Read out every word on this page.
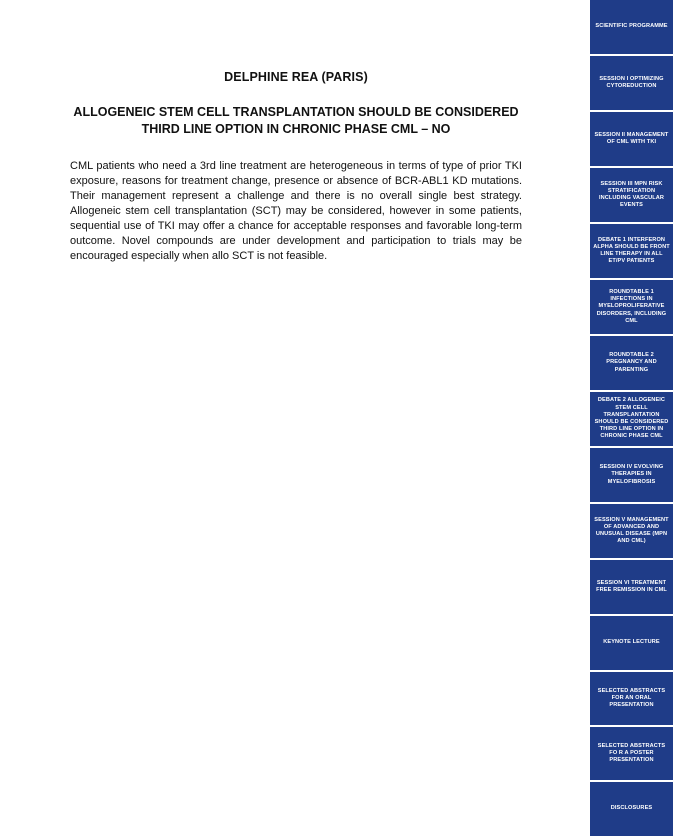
DELPHINE REA (PARIS)

ALLOGENEIC STEM CELL TRANSPLANTATION SHOULD BE CONSIDERED THIRD LINE OPTION IN CHRONIC PHASE CML – NO

CML patients who need a 3rd line treatment are heterogeneous in terms of type of prior TKI exposure, reasons for treatment change, presence or absence of BCR-ABL1 KD mutations. Their management represent a challenge and there is no overall single best strategy. Allogeneic stem cell transplantation (SCT) may be considered, however in some patients, sequential use of TKI may offer a chance for acceptable responses and favorable long-term outcome. Novel compounds are under development and participation to trials may be encouraged especially when allo SCT is not feasible.

SCIENTIFIC PROGRAMME
SESSION I OPTIMIZING CYTOREDUCTION
SESSION II MANAGEMENT OF CML WITH TKI
SESSION III MPN RISK STRATIFICATION INCLUDING VASCULAR EVENTS
DEBATE 1 INTERFERON ALPHA SHOULD BE FRONT LINE THERAPY IN ALL ET/PV PATIENTS
ROUNDTABLE 1 INFECTIONS IN MYELOPROLIFERATIVE DISORDERS, INCLUDING CML
ROUNDTABLE 2 PREGNANCY AND PARENTING
DEBATE 2 ALLOGENEIC STEM CELL TRANSPLANTATION SHOULD BE CONSIDERED THIRD LINE OPTION IN CHRONIC PHASE CML
SESSION IV EVOLVING THERAPIES IN MYELOFIBROSIS
SESSION V MANAGEMENT OF ADVANCED AND UNUSUAL DISEASE (MPN AND CML)
SESSION VI TREATMENT FREE REMISSION IN CML
KEYNOTE LECTURE
SELECTED ABSTRACTS FOR AN ORAL PRESENTATION
SELECTED ABSTRACTS FO R A POSTER PRESENTATION
DISCLOSURES
